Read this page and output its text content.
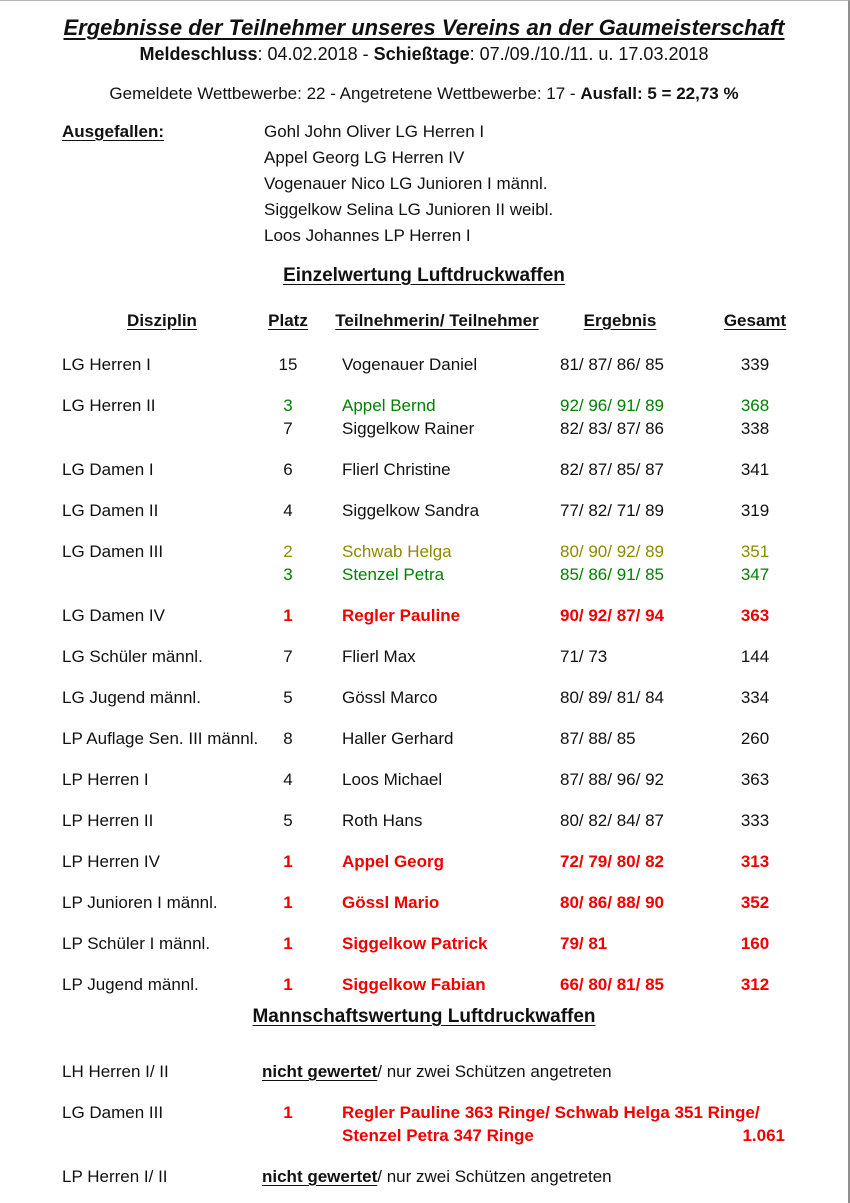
Ergebnisse der Teilnehmer unseres Vereins an der Gaumeisterschaft
Meldeschluss: 04.02.2018 - Schießtage: 07./09./10./11. u. 17.03.2018
Gemeldete Wettbewerbe: 22 - Angetretene Wettbewerbe: 17 - Ausfall: 5 = 22,73 %
Ausgefallen:	Gohl John Oliver LG Herren I
Appel Georg LG Herren IV
Vogenauer Nico LG Junioren I männl.
Siggelkow Selina LG Junioren II weibl.
Loos Johannes LP Herren I
Einzelwertung Luftdruckwaffen
Disziplin	Platz	Teilnehmerin/ Teilnehmer	Ergebnis	Gesamt
LG Herren I	15	Vogenauer Daniel	81/ 87/ 86/ 85	339
LG Herren II	3	Appel Bernd	92/ 96/ 91/ 89	368
7	Siggelkow Rainer	82/ 83/ 87/ 86	338
LG Damen I	6	Flierl Christine	82/ 87/ 85/ 87	341
LG Damen II	4	Siggelkow Sandra	77/ 82/ 71/ 89	319
LG Damen III	2	Schwab Helga	80/ 90/ 92/ 89	351
3	Stenzel Petra	85/ 86/ 91/ 85	347
LG Damen IV	1	Regler Pauline	90/ 92/ 87/ 94	363
LG Schüler männl.	7	Flierl Max	71/ 73	144
LG Jugend männl.	5	Gössl Marco	80/ 89/ 81/ 84	334
LP Auflage Sen. III männl.	8	Haller Gerhard	87/ 88/ 85	260
LP Herren I	4	Loos Michael	87/ 88/ 96/ 92	363
LP Herren II	5	Roth Hans	80/ 82/ 84/ 87	333
LP Herren IV	1	Appel Georg	72/ 79/ 80/ 82	313
LP Junioren I männl.	1	Gössl Mario	80/ 86/ 88/ 90	352
LP Schüler I männl.	1	Siggelkow Patrick	79/ 81	160
LP Jugend männl.	1	Siggelkow Fabian	66/ 80/ 81/ 85	312
Mannschaftswertung Luftdruckwaffen
LH Herren I/ II	nicht gewertet/ nur zwei Schützen angetreten
LG Damen III	1	Regler Pauline 363 Ringe/ Schwab Helga 351 Ringe/
Stenzel Petra 347 Ringe	1.061
LP Herren I/ II	nicht gewertet/ nur zwei Schützen angetreten
